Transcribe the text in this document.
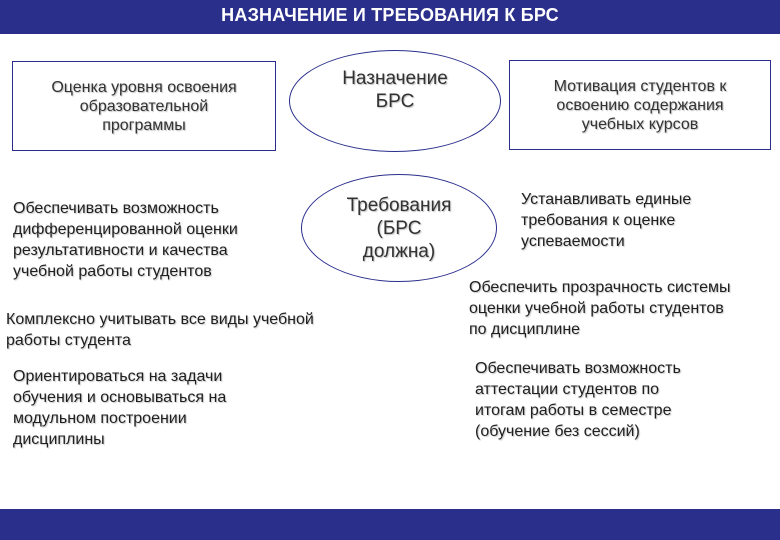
НАЗНАЧЕНИЕ И ТРЕБОВАНИЯ К БРС
Оценка уровня освоения
образовательной
программы
Назначение
БРС
Мотивация студентов к
освоению содержания
учебных курсов
Требования
(БРС
должна)
Обеспечивать возможность
дифференцированной оценки
результативности и качества
учебной работы студентов
Комплексно учитывать все виды учебной
работы студента
Ориентироваться на задачи
обучения и основываться на
модульном построении
дисциплины
Устанавливать единые
требования к оценке
успеваемости
Обеспечить прозрачность системы
оценки учебной работы студентов
по дисциплине
Обеспечивать возможность
аттестации студентов по
итогам работы в семестре
(обучение без сессий)
